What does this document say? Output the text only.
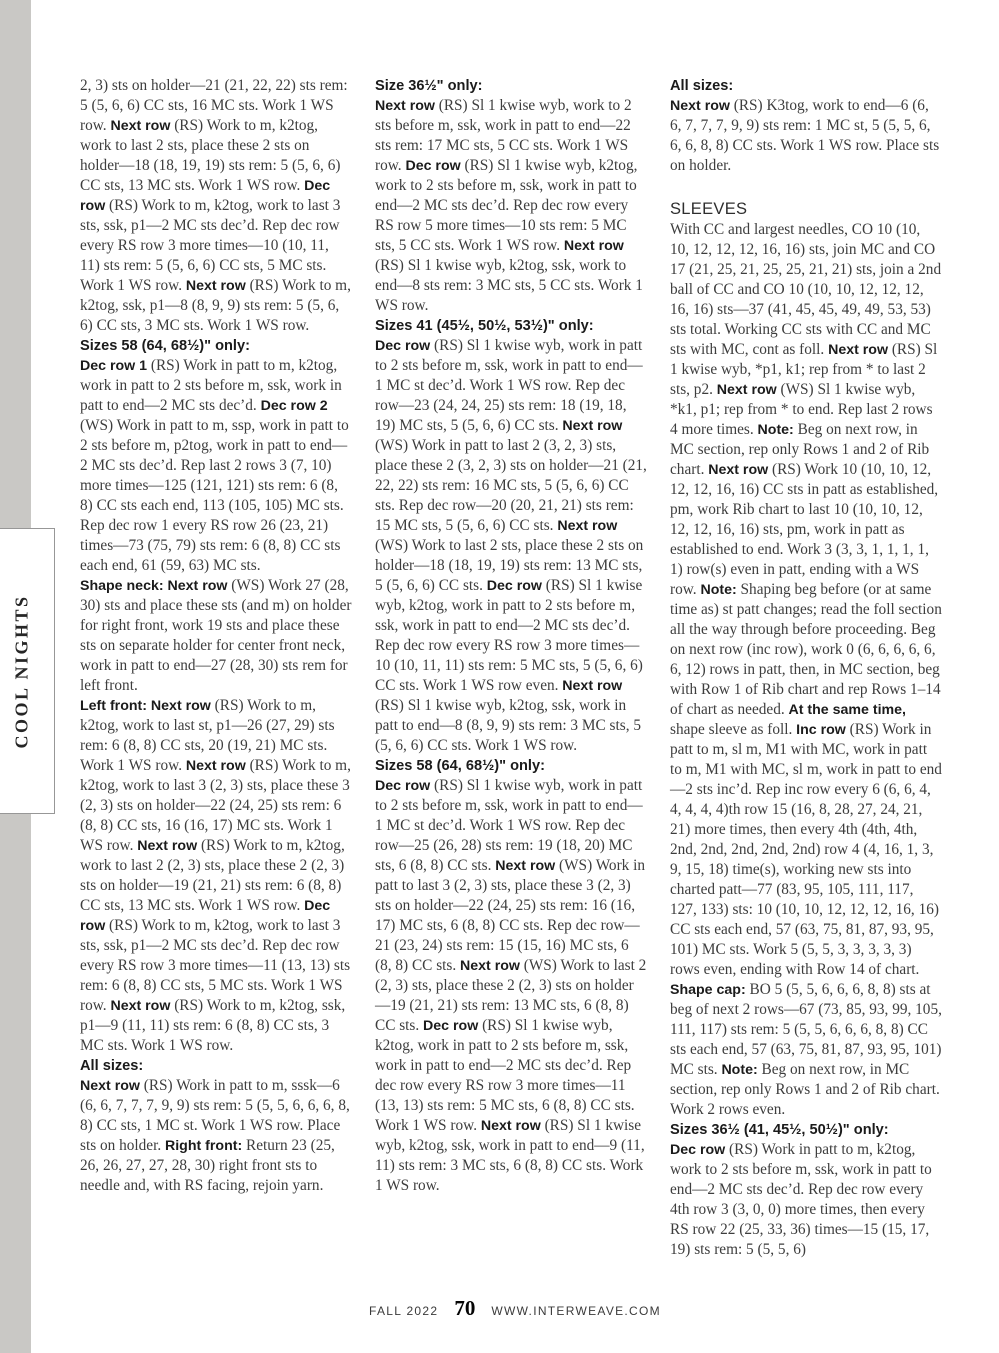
COOL NIGHTS
2, 3) sts on holder—21 (21, 22, 22) sts rem: 5 (5, 6, 6) CC sts, 16 MC sts. Work 1 WS row. Next row (RS) Work to m, k2tog, work to last 2 sts, place these 2 sts on holder—18 (18, 19, 19) sts rem: 5 (5, 6, 6) CC sts, 13 MC sts. Work 1 WS row. Dec row (RS) Work to m, k2tog, work to last 3 sts, ssk, p1—2 MC sts dec’d. Rep dec row every RS row 3 more times—10 (10, 11, 11) sts rem: 5 (5, 6, 6) CC sts, 5 MC sts. Work 1 WS row. Next row (RS) Work to m, k2tog, ssk, p1—8 (8, 9, 9) sts rem: 5 (5, 6, 6) CC sts, 3 MC sts. Work 1 WS row.
Sizes 58 (64, 68½)" only:
Dec row 1 (RS) Work in patt to m, k2tog, work in patt to 2 sts before m, ssk, work in patt to end—2 MC sts dec’d. Dec row 2 (WS) Work in patt to m, ssp, work in patt to 2 sts before m, p2tog, work in patt to end—2 MC sts dec’d. Rep last 2 rows 3 (7, 10) more times—125 (121, 121) sts rem: 6 (8, 8) CC sts each end, 113 (105, 105) MC sts. Rep dec row 1 every RS row 26 (23, 21) times—73 (75, 79) sts rem: 6 (8, 8) CC sts each end, 61 (59, 63) MC sts.
Shape neck: Next row (WS) Work 27 (28, 30) sts and place these sts (and m) on holder for right front, work 19 sts and place these sts on separate holder for center front neck, work in patt to end—27 (28, 30) sts rem for left front.
Left front: Next row (RS) Work to m, k2tog, work to last st, p1—26 (27, 29) sts rem: 6 (8, 8) CC sts, 20 (19, 21) MC sts. Work 1 WS row. Next row (RS) Work to m, k2tog, work to last 3 (2, 3) sts, place these 3 (2, 3) sts on holder—22 (24, 25) sts rem: 6 (8, 8) CC sts, 16 (16, 17) MC sts. Work 1 WS row. Next row (RS) Work to m, k2tog, work to last 2 (2, 3) sts, place these 2 (2, 3) sts on holder—19 (21, 21) sts rem: 6 (8, 8) CC sts, 13 MC sts. Work 1 WS row. Dec row (RS) Work to m, k2tog, work to last 3 sts, ssk, p1—2 MC sts dec’d. Rep dec row every RS row 3 more times—11 (13, 13) sts rem: 6 (8, 8) CC sts, 5 MC sts. Work 1 WS row. Next row (RS) Work to m, k2tog, ssk, p1—9 (11, 11) sts rem: 6 (8, 8) CC sts, 3 MC sts. Work 1 WS row.
All sizes:
Next row (RS) Work in patt to m, sssk—6 (6, 6, 7, 7, 7, 9, 9) sts rem: 5 (5, 5, 6, 6, 6, 8, 8) CC sts, 1 MC st. Work 1 WS row. Place sts on holder. Right front: Return 23 (25, 26, 26, 27, 27, 28, 30) right front sts to needle and, with RS facing, rejoin yarn.
Size 36½" only:
Next row (RS) Sl 1 kwise wyb, work to 2 sts before m, ssk, work in patt to end—22 sts rem: 17 MC sts, 5 CC sts. Work 1 WS row. Dec row (RS) Sl 1 kwise wyb, k2tog, work to 2 sts before m, ssk, work in patt to end—2 MC sts dec’d. Rep dec row every RS row 5 more times—10 sts rem: 5 MC sts, 5 CC sts. Work 1 WS row. Next row (RS) Sl 1 kwise wyb, k2tog, ssk, work to end—8 sts rem: 3 MC sts, 5 CC sts. Work 1 WS row.
Sizes 41 (45½, 50½, 53½)" only:
Dec row (RS) Sl 1 kwise wyb, work in patt to 2 sts before m, ssk, work in patt to end—1 MC st dec’d. Work 1 WS row. Rep dec row—23 (24, 24, 25) sts rem: 18 (19, 18, 19) MC sts, 5 (5, 6, 6) CC sts. Next row (WS) Work in patt to last 2 (3, 2, 3) sts, place these 2 (3, 2, 3) sts on holder—21 (21, 22, 22) sts rem: 16 MC sts, 5 (5, 6, 6) CC sts. Rep dec row—20 (20, 21, 21) sts rem: 15 MC sts, 5 (5, 6, 6) CC sts. Next row (WS) Work to last 2 sts, place these 2 sts on holder—18 (18, 19, 19) sts rem: 13 MC sts, 5 (5, 6, 6) CC sts. Dec row (RS) Sl 1 kwise wyb, k2tog, work in patt to 2 sts before m, ssk, work in patt to end—2 MC sts dec’d. Rep dec row every RS row 3 more times—10 (10, 11, 11) sts rem: 5 MC sts, 5 (5, 6, 6) CC sts. Work 1 WS row even. Next row (RS) Sl 1 kwise wyb, k2tog, ssk, work in patt to end—8 (8, 9, 9) sts rem: 3 MC sts, 5 (5, 6, 6) CC sts. Work 1 WS row.
Sizes 58 (64, 68½)" only:
Dec row (RS) Sl 1 kwise wyb, work in patt to 2 sts before m, ssk, work in patt to end—1 MC st dec’d. Work 1 WS row. Rep dec row—25 (26, 28) sts rem: 19 (18, 20) MC sts, 6 (8, 8) CC sts. Next row (WS) Work in patt to last 3 (2, 3) sts, place these 3 (2, 3) sts on holder—22 (24, 25) sts rem: 16 (16, 17) MC sts, 6 (8, 8) CC sts. Rep dec row—21 (23, 24) sts rem: 15 (15, 16) MC sts, 6 (8, 8) CC sts. Next row (WS) Work to last 2 (2, 3) sts, place these 2 (2, 3) sts on holder—19 (21, 21) sts rem: 13 MC sts, 6 (8, 8) CC sts. Dec row (RS) Sl 1 kwise wyb, k2tog, work in patt to 2 sts before m, ssk, work in patt to end—2 MC sts dec’d. Rep dec row every RS row 3 more times—11 (13, 13) sts rem: 5 MC sts, 6 (8, 8) CC sts. Work 1 WS row. Next row (RS) Sl 1 kwise wyb, k2tog, ssk, work in patt to end—9 (11, 11) sts rem: 3 MC sts, 6 (8, 8) CC sts. Work 1 WS row.
All sizes:
Next row (RS) K3tog, work to end—6 (6, 6, 7, 7, 7, 9, 9) sts rem: 1 MC st, 5 (5, 5, 6, 6, 6, 8, 8) CC sts. Work 1 WS row. Place sts on holder.
SLEEVES
With CC and largest needles, CO 10 (10, 10, 12, 12, 12, 16, 16) sts, join MC and CO 17 (21, 25, 21, 25, 25, 21, 21) sts, join a 2nd ball of CC and CO 10 (10, 10, 12, 12, 12, 16, 16) sts—37 (41, 45, 45, 49, 49, 53, 53) sts total. Working CC sts with CC and MC sts with MC, cont as foll. Next row (RS) Sl 1 kwise wyb, *p1, k1; rep from * to last 2 sts, p2. Next row (WS) Sl 1 kwise wyb, *k1, p1; rep from * to end. Rep last 2 rows 4 more times. Note: Beg on next row, in MC section, rep only Rows 1 and 2 of Rib chart. Next row (RS) Work 10 (10, 10, 12, 12, 12, 16, 16) CC sts in patt as established, pm, work Rib chart to last 10 (10, 10, 12, 12, 12, 16, 16) sts, pm, work in patt as established to end. Work 3 (3, 3, 1, 1, 1, 1, 1) row(s) even in patt, ending with a WS row. Note: Shaping beg before (or at same time as) st patt changes; read the foll section all the way through before proceeding. Beg on next row (inc row), work 0 (6, 6, 6, 6, 6, 6, 12) rows in patt, then, in MC section, beg with Row 1 of Rib chart and rep Rows 1–14 of chart as needed. At the same time, shape sleeve as foll. Inc row (RS) Work in patt to m, sl m, M1 with MC, work in patt to m, M1 with MC, sl m, work in patt to end—2 sts inc’d. Rep inc row every 6 (6, 6, 4, 4, 4, 4, 4)th row 15 (16, 8, 28, 27, 24, 21, 21) more times, then every 4th (4th, 4th, 2nd, 2nd, 2nd, 2nd, 2nd) row 4 (4, 16, 1, 3, 9, 15, 18) time(s), working new sts into charted patt—77 (83, 95, 105, 111, 117, 127, 133) sts: 10 (10, 10, 12, 12, 12, 16, 16) CC sts each end, 57 (63, 75, 81, 87, 93, 95, 101) MC sts. Work 5 (5, 5, 3, 3, 3, 3, 3) rows even, ending with Row 14 of chart. Shape cap: BO 5 (5, 5, 6, 6, 6, 8, 8) sts at beg of next 2 rows—67 (73, 85, 93, 99, 105, 111, 117) sts rem: 5 (5, 5, 6, 6, 6, 8, 8) CC sts each end, 57 (63, 75, 81, 87, 93, 95, 101) MC sts. Note: Beg on next row, in MC section, rep only Rows 1 and 2 of Rib chart. Work 2 rows even.
Sizes 36½ (41, 45½, 50½)" only:
Dec row (RS) Work in patt to m, k2tog, work to 2 sts before m, ssk, work in patt to end—2 MC sts dec’d. Rep dec row every 4th row 3 (3, 0, 0) more times, then every RS row 22 (25, 33, 36) times—15 (15, 17, 19) sts rem: 5 (5, 5, 6)
FALL 2022 70 WWW.INTERWEAVE.COM
